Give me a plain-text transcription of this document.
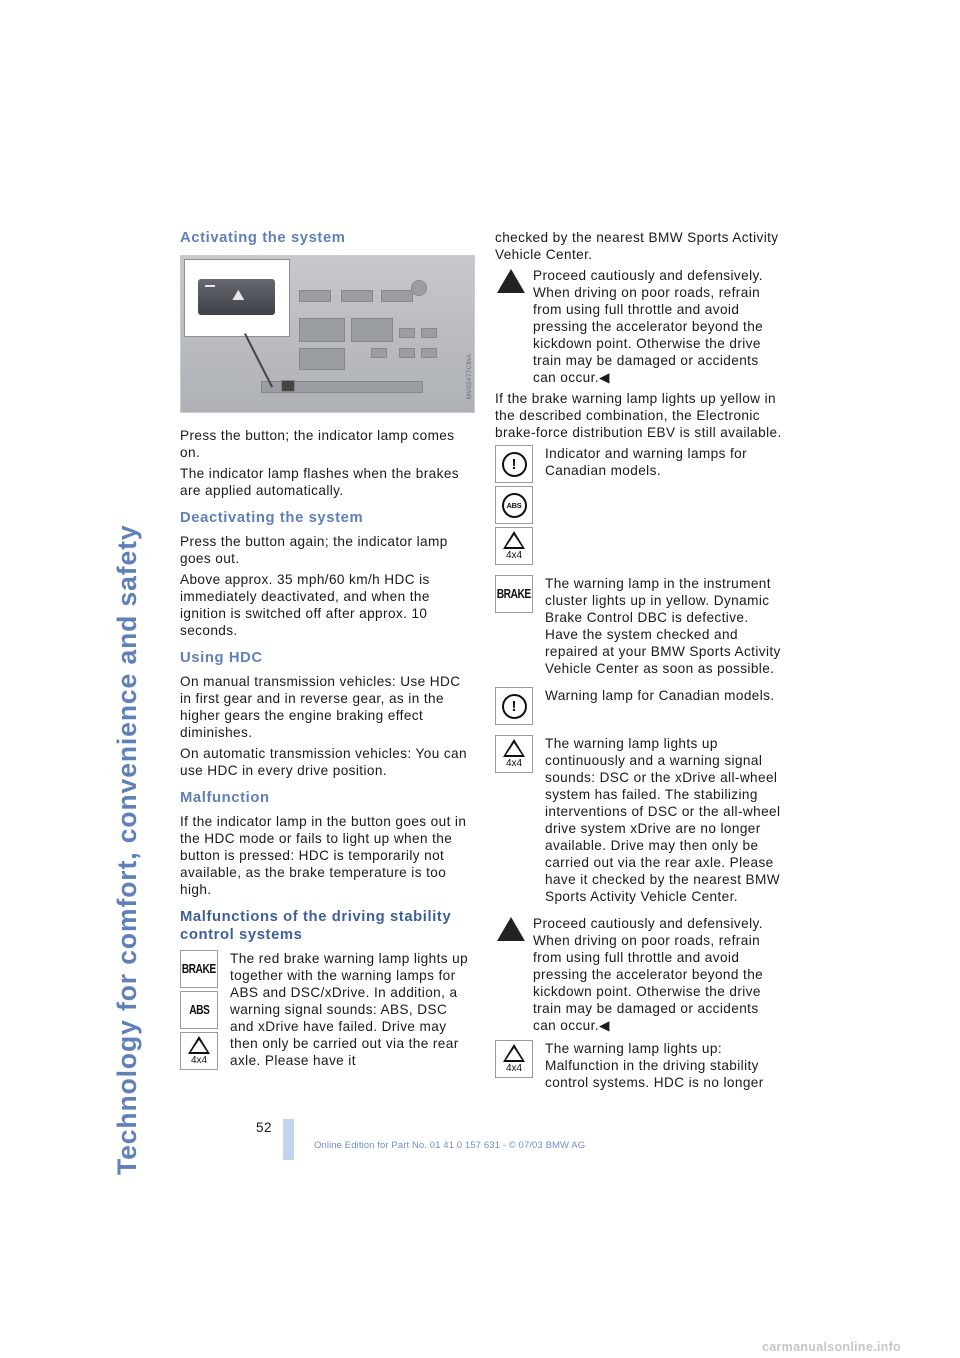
Technology for comfort, convenience and safety
Activating the system
⛰
MV02477CMA

Press the button; the indicator lamp comes on.

The indicator lamp flashes when the brakes are applied automatically.

Deactivating the system

Press the button again; the indicator lamp goes out.

Above approx. 35 mph/60 km/h HDC is immediately deactivated, and when the ignition is switched off after approx. 10 seconds.

Using HDC

On manual transmission vehicles: Use HDC in first gear and in reverse gear, as in the higher gears the engine braking effect diminishes.

On automatic transmission vehicles: You can use HDC in every drive position.

Malfunction

If the indicator lamp in the button goes out in the HDC mode or fails to light up when the button is pressed: HDC is temporarily not available, as the brake temperature is too high.

Malfunctions of the driving stability control systems
BRAKE
ABS
4x4

The red brake warning lamp lights up together with the warning lamps for ABS and DSC/xDrive. In addition, a warning signal sounds: ABS, DSC and xDrive have failed. Drive may then only be carried out via the rear axle. Please have it

checked by the nearest BMW Sports Activity Vehicle Center.

Proceed cautiously and defensively. When driving on poor roads, refrain from using full throttle and avoid pressing the accelerator beyond the kickdown point. Otherwise the drive train may be damaged or accidents can occur.◀

If the brake warning lamp lights up yellow in the described combination, the Electronic brake-force distribution EBV is still available.

!
ABS
4x4

Indicator and warning lamps for Canadian models.

BRAKE

The warning lamp in the instrument cluster lights up in yellow. Dynamic Brake Control DBC is defective. Have the system checked and repaired at your BMW Sports Activity Vehicle Center as soon as possible.

!

Warning lamp for Canadian models.

4x4

The warning lamp lights up continuously and a warning signal sounds: DSC or the xDrive all-wheel system has failed. The stabilizing interventions of DSC or the all-wheel drive system xDrive are no longer available. Drive may then only be carried out via the rear axle. Please have it checked by the nearest BMW Sports Activity Vehicle Center.

Proceed cautiously and defensively. When driving on poor roads, refrain from using full throttle and avoid pressing the accelerator beyond the kickdown point. Otherwise the drive train may be damaged or accidents can occur.◀

4x4

The warning lamp lights up: Malfunction in the driving stability control systems. HDC is no longer

52
Online Edition for Part No. 01 41 0 157 631 - © 07/03 BMW AG
carmanualsonline.info
